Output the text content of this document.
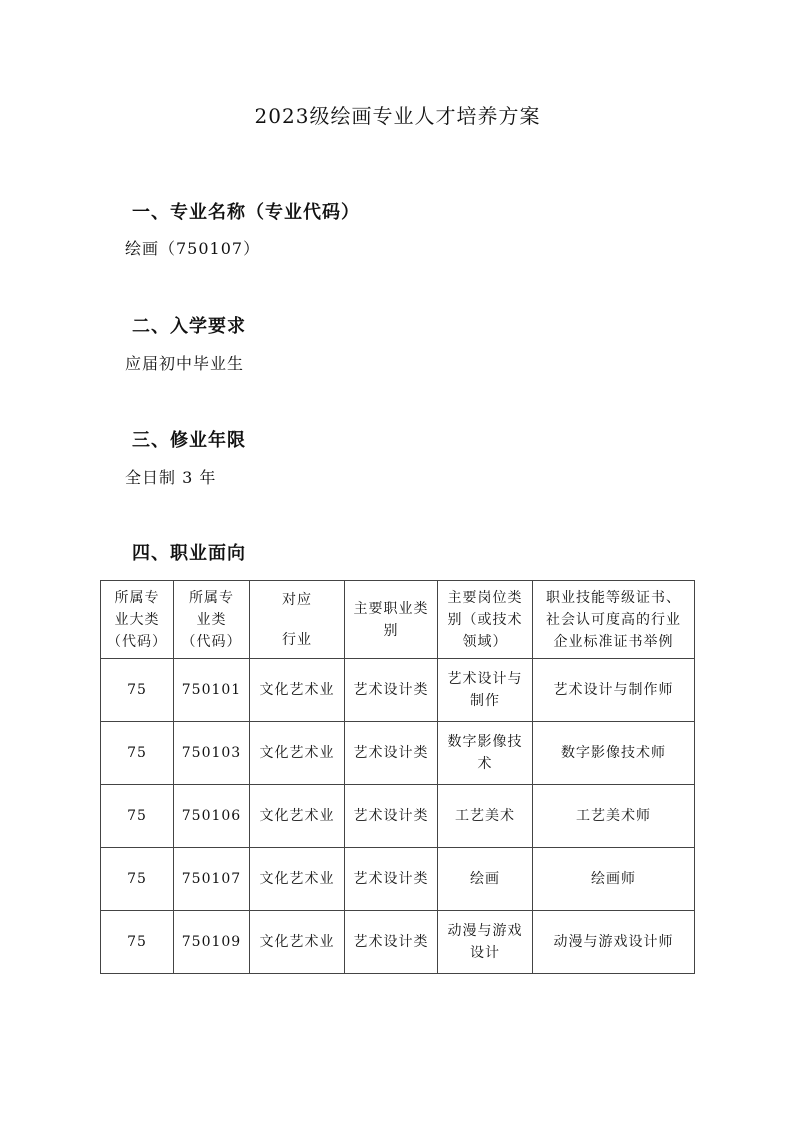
2023级绘画专业人才培养方案
一、专业名称（专业代码）
绘画（750107）
二、入学要求
应届初中毕业生
三、修业年限
全日制 3 年
四、职业面向
所属专
业大类
（代码）	所属专
业类
（代码）	对应
行业	主要职业类
别	主要岗位类
别（或技术
领域）	职业技能等级证书、
社会认可度高的行业
企业标准证书举例

75	750101	文化艺术业	艺术设计类	艺术设计与制作	艺术设计与制作师
75	750103	文化艺术业	艺术设计类	数字影像技术	数字影像技术师
75	750106	文化艺术业	艺术设计类	工艺美术	工艺美术师
75	750107	文化艺术业	艺术设计类	绘画	绘画师
75	750109	文化艺术业	艺术设计类	动漫与游戏设计	动漫与游戏设计师
